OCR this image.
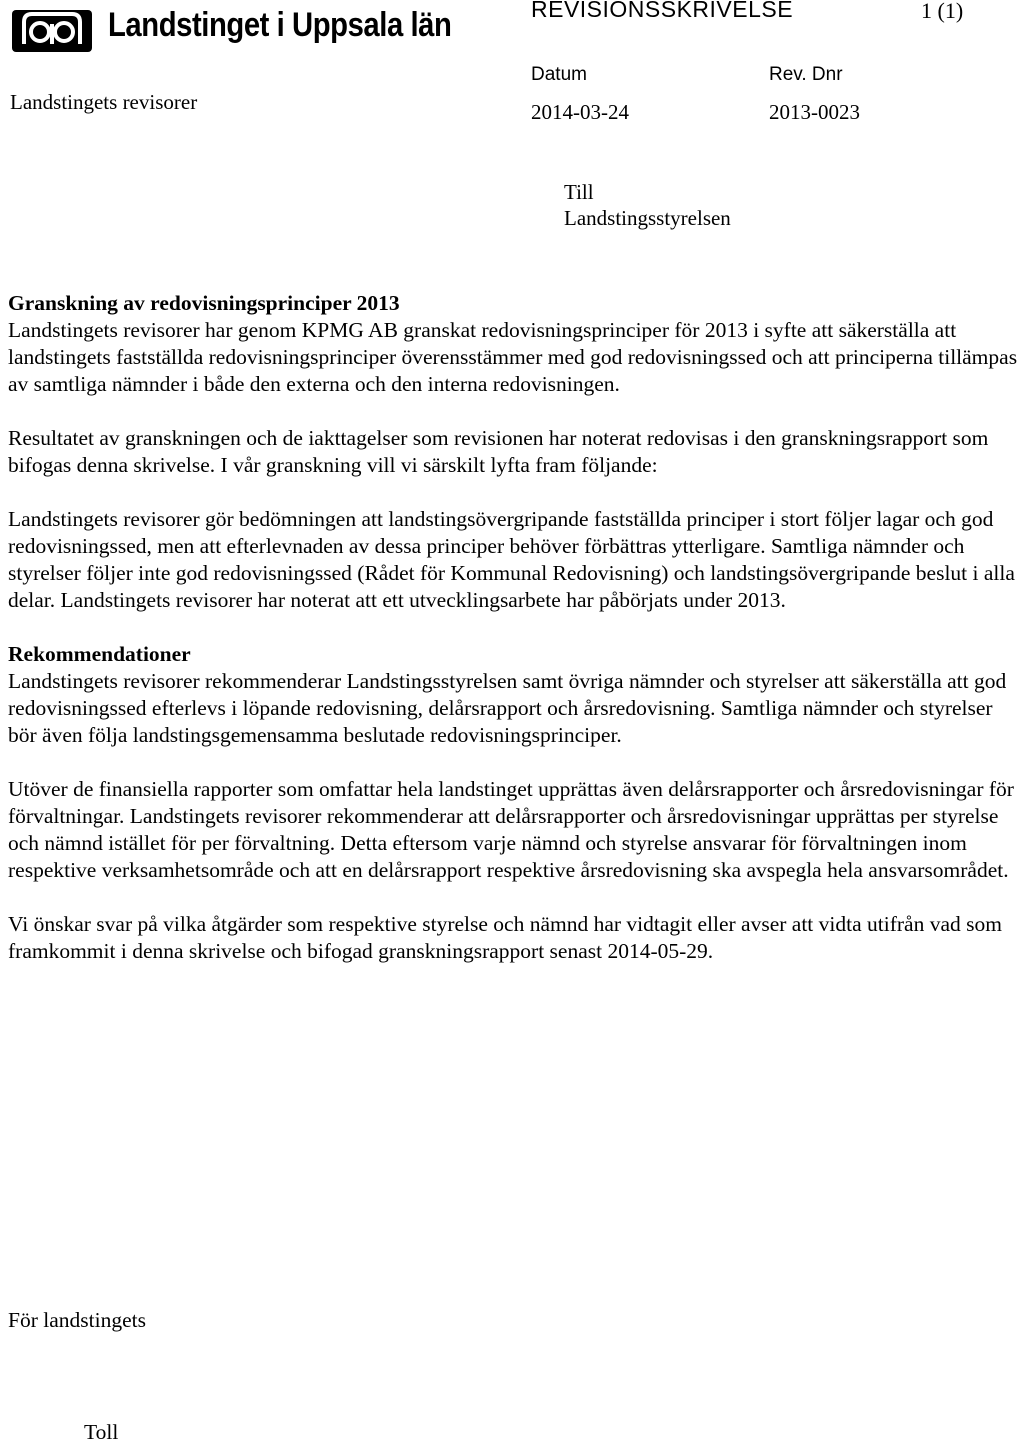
Landstinget i Uppsala län
Landstingets revisorer
REVISIONSSKRIVELSE	1 (1)
Datum	Rev. Dnr
2014-03-24	2013-0023
Till
Landstingsstyrelsen
Granskning av redovisningsprinciper 2013

Landstingets revisorer har genom KPMG AB granskat redovisningsprinciper för 2013 i syfte att säkerställa att landstingets fastställda redovisningsprinciper överensstämmer med god redovisningssed och att principerna tillämpas av samtliga nämnder i både den externa och den interna redovisningen.

Resultatet av granskningen och de iakttagelser som revisionen har noterat redovisas i den granskningsrapport som bifogas denna skrivelse. I vår granskning vill vi särskilt lyfta fram följande:

Landstingets revisorer gör bedömningen att landstingsövergripande fastställda principer i stort följer lagar och god redovisningssed, men att efterlevnaden av dessa principer behöver förbättras ytterligare. Samtliga nämnder och styrelser följer inte god redovisningssed (Rådet för Kommunal Redovisning) och landstingsövergripande beslut i alla delar. Landstingets revisorer har noterat att ett utvecklingsarbete har påbörjats under 2013.

Rekommendationer

Landstingets revisorer rekommenderar Landstingsstyrelsen samt övriga nämnder och styrelser att säkerställa att god redovisningssed efterlevs i löpande redovisning, delårsrapport och årsredovisning. Samtliga nämnder och styrelser bör även följa landstingsgemensamma beslutade redovisningsprinciper.

Utöver de finansiella rapporter som omfattar hela landstinget upprättas även delårsrapporter och årsredovisningar för förvaltningar. Landstingets revisorer rekommenderar att delårsrapporter och årsredovisningar upprättas per styrelse och nämnd istället för per förvaltning. Detta eftersom varje nämnd och styrelse ansvarar för förvaltningen inom respektive verksamhetsområde och att en delårsrapport respektive årsredovisning ska avspegla hela ansvarsområdet.

Vi önskar svar på vilka åtgärder som respektive styrelse och nämnd har vidtagit eller avser att vidta utifrån vad som framkommit i denna skrivelse och bifogad granskningsrapport senast 2014-05-29.

För landstingets
Toll
